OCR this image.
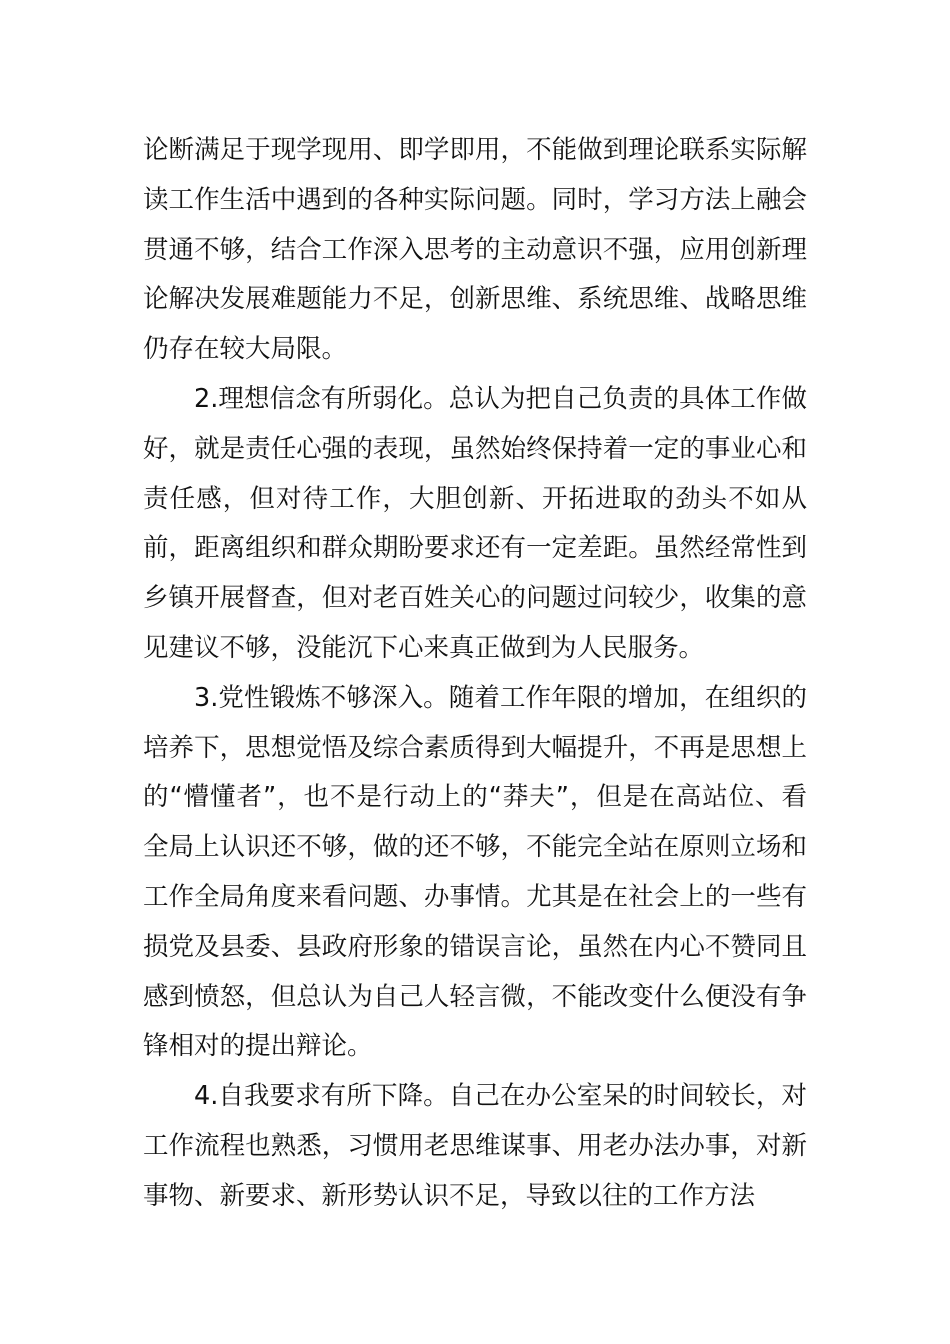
论断满足于现学现用、即学即用，不能做到理论联系实际解读工作生活中遇到的各种实际问题。同时，学习方法上融会贯通不够，结合工作深入思考的主动意识不强，应用创新理论解决发展难题能力不足，创新思维、系统思维、战略思维仍存在较大局限。

2.理想信念有所弱化。总认为把自己负责的具体工作做好，就是责任心强的表现，虽然始终保持着一定的事业心和责任感，但对待工作，大胆创新、开拓进取的劲头不如从前，距离组织和群众期盼要求还有一定差距。虽然经常性到乡镇开展督查，但对老百姓关心的问题过问较少，收集的意见建议不够，没能沉下心来真正做到为人民服务。

3.党性锻炼不够深入。随着工作年限的增加，在组织的培养下，思想觉悟及综合素质得到大幅提升，不再是思想上的“懵懂者”，也不是行动上的“莽夫”，但是在高站位、看全局上认识还不够，做的还不够，不能完全站在原则立场和工作全局角度来看问题、办事情。尤其是在社会上的一些有损党及县委、县政府形象的错误言论，虽然在内心不赞同且感到愤怒，但总认为自己人轻言微，不能改变什么便没有争锋相对的提出辩论。

4.自我要求有所下降。自己在办公室呆的时间较长，对工作流程也熟悉，习惯用老思维谋事、用老办法办事，对新事物、新要求、新形势认识不足，导致以往的工作方法
